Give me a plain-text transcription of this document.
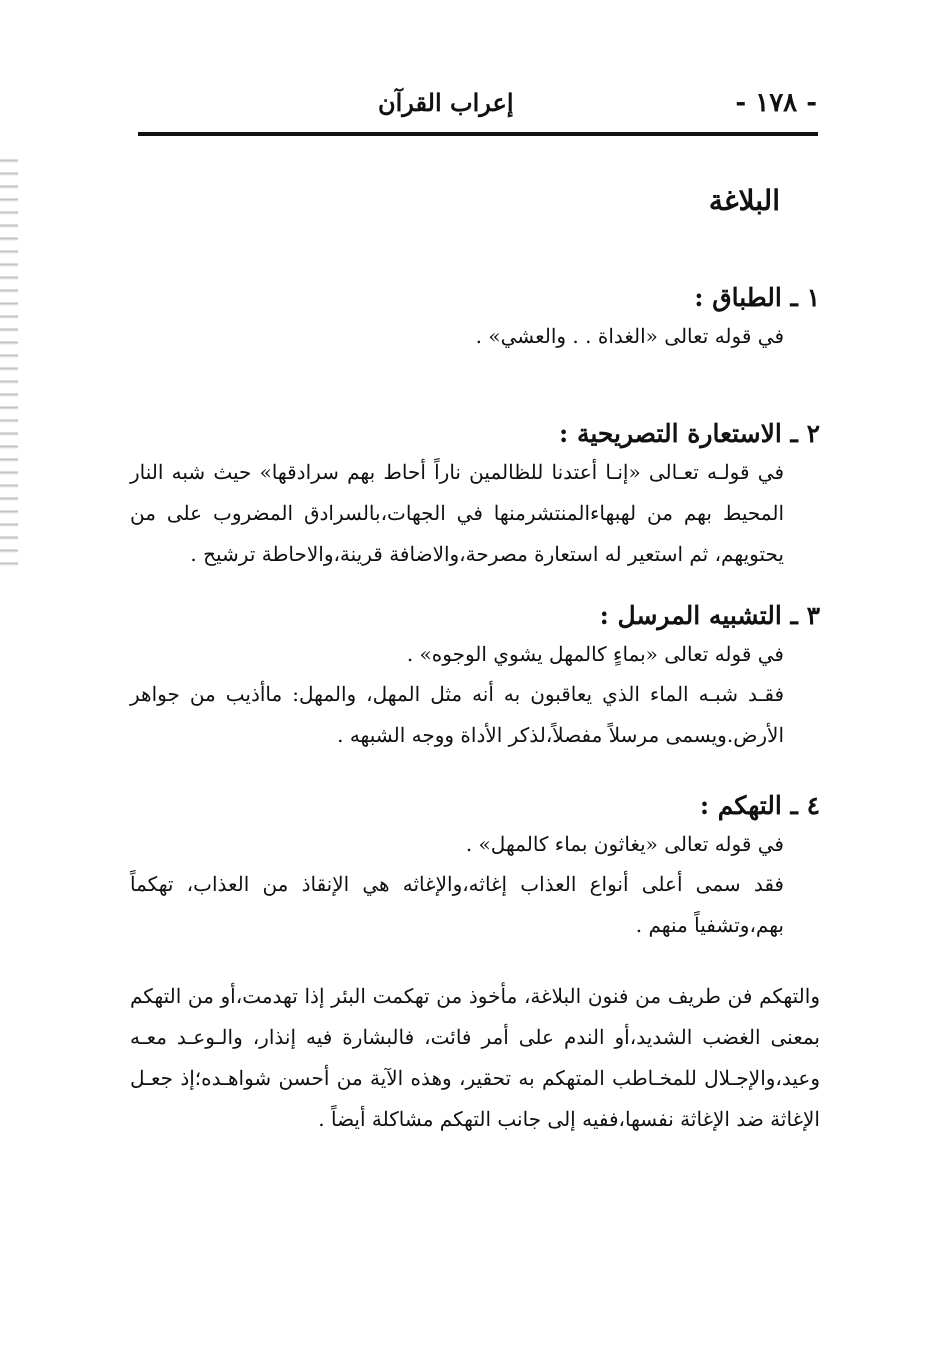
- ١٧٨ -
إعراب القرآن
البلاغة
١ ـ الطباق :
في قوله تعالى «الغداة . . والعشي» .
٢ ـ الاستعارة التصريحية :
في قولـه تعـالى «إنـا أعتدنا للظالمين ناراً أحاط بهم سرادقها» حيث شبه النار المحيط بهم من لهبهاءالمنتشرمنها في الجهات،بالسرادق المضروب على من يحتويهم، ثم استعير له استعارة مصرحة،والاضافة قرينة،والاحاطة ترشيح .
٣ ـ التشبيه المرسل :
في قوله تعالى «بماءٍ كالمهل يشوي الوجوه» .
فقـد شبـه الماء الذي يعاقبون به أنه مثل المهل، والمهل: ماأذيب من جواهر الأرض.ويسمى مرسلاً مفصلاً،لذكر الأداة ووجه الشبهه .
٤ ـ التهكم :
في قوله تعالى «يغاثون بماء كالمهل» .
فقد سمى أعلى أنواع العذاب إغاثه،والإغاثه هي الإنقاذ من العذاب، تهكماً بهم،وتشفياً منهم .
والتهكم فن طريف من فنون البلاغة، مأخوذ من تهكمت البئر إذا تهدمت،أو من التهكم بمعنى الغضب الشديد،أو الندم على أمر فائت، فالبشارة فيه إنذار، والـوعـد معـه وعيد،والإجـلال للمخـاطب المتهكم به تحقير، وهذه الآية من أحسن شواهـده؛إذ جعـل الإغاثة ضد الإغاثة نفسها،ففيه إلى جانب التهكم مشاكلة أيضاً .
